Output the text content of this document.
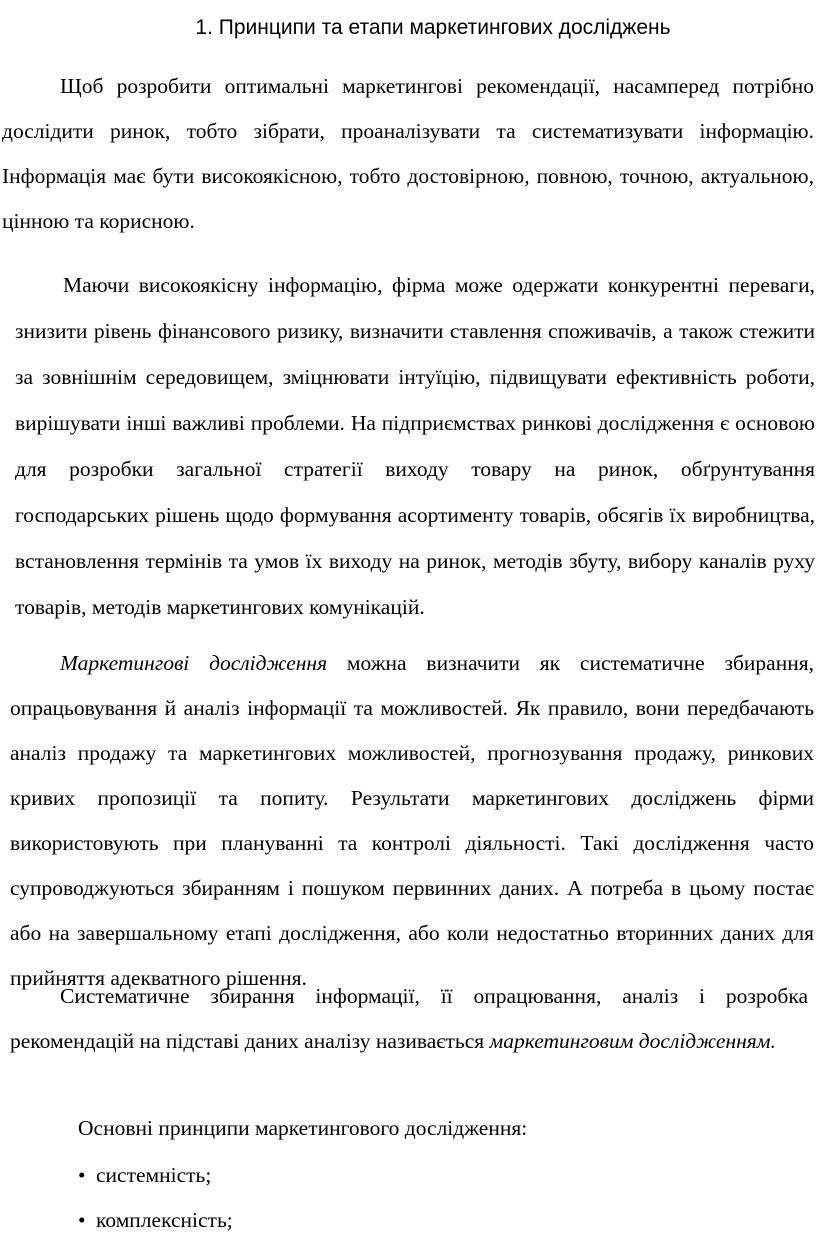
1. Принципи та етапи маркетингових досліджень

Щоб розробити оптимальні маркетингові рекомендації, насамперед потрібно дослідити ринок, тобто зібрати, проаналізувати та систематизувати інформацію. Інформація має бути високоякісною, тобто достовірною, повною, точною, актуальною, цінною та корисною.

Маючи високоякісну інформацію, фірма може одержати конкурентні переваги, знизити рівень фінансового ризику, визначити ставлення споживачів, а також стежити за зовнішнім середовищем, зміцнювати інтуїцію, підвищувати ефективність роботи, вирішувати інші важливі проблеми. На підприємствах ринкові дослідження є основою для розробки загальної стратегії виходу товару на ринок, обґрунтування господарських рішень щодо формування асортименту товарів, обсягів їх виробництва, встановлення термінів та умов їх виходу на ринок, методів збуту, вибору каналів руху товарів, методів маркетингових комунікацій.

Маркетингові дослідження можна визначити як систематичне збирання, опрацьовування й аналіз інформації та можливостей. Як правило, вони передбачають аналіз продажу та маркетингових можливостей, прогнозування продажу, ринкових кривих пропозиції та попиту. Результати маркетингових досліджень фірми використовують при плануванні та контролі діяльності. Такі дослідження часто супроводжуються збиранням і пошуком первинних даних. А потреба в цьому постає або на завершальному етапі дослідження, або коли недостатньо вторинних даних для прийняття адекватного рішення.

Систематичне збирання інформації, її опрацювання, аналіз і розробка рекомендацій на підставі даних аналізу називається маркетинговим дослідженням.

Основні принципи маркетингового дослідження:

• системність;
• комплексність;
